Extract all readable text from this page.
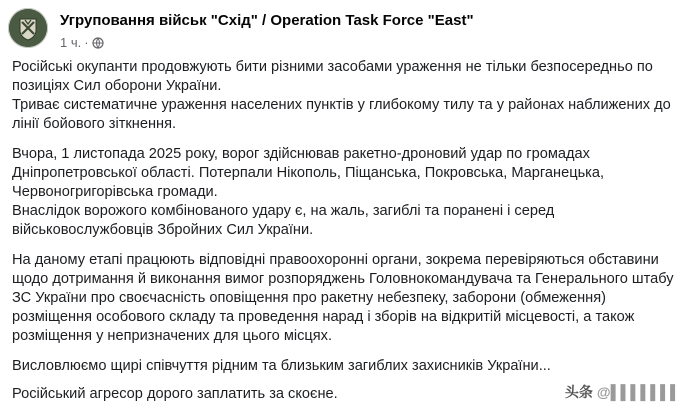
Угруповання військ "Схід" / Operation Task Force "East"
1 ч. ·

Російські окупанти продовжують бити різними засобами ураження не тільки безпосередньо по позиціях Сил оборони України.
Триває систематичне ураження населених пунктів у глибокому тилу та у районах наближених до лінії бойового зіткнення.

Вчора, 1 листопада 2025 року, ворог здійснював ракетно-дроновий удар по громадах Дніпропетровської області. Потерпали Нікополь, Піщанська, Покровська, Марганецька, Червоногригорівська громади.
Внаслідок ворожого комбінованого удару є, на жаль, загиблі та поранені і серед військовослужбовців Збройних Сил України.

На даному етапі працюють відповідні правоохоронні органи, зокрема перевіряються обставини щодо дотримання й виконання вимог розпоряджень Головнокомандувача та Генерального штабу ЗС України про своєчасність оповіщення про ракетну небезпеку, заборони (обмеження) розміщення особового складу та проведення нарад і зборів на відкритій місцевості, а також розміщення у непризначених для цього місцях.

Висловлюємо щирі співчуття рідним та близьким загиблих захисників України...

Російський агресор дорого заплатить за скоєне.	头条 @▌▌▌▌▌▌▌
